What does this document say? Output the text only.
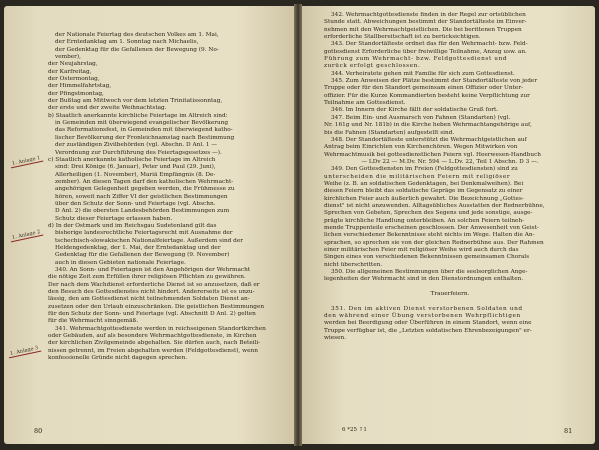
der Nationale Feiertag des deutschen Volkes am 1. Mai,

der Erntedanktag am 1. Sonntag nach Michaelis,

der Gedenktag für die Gefallenen der Bewegung (9. No-

vember),

der Neujahrstag,

der Karfreitag,

der Ostermontag,

der Himmelfahrtstag,

der Pfingstmontag,

der Bußtag am Mittwoch vor dem letzten Trinitatissonntag,

der erste und der zweite Weihnachtstag.

b) Staatlich anerkannte kirchliche Feiertage im Altreich sind:

in Gemeinden mit überwiegend evangelischer Bevölkerung

das Reformationsfest, in Gemeinden mit überwiegend katho-

lischer Bevölkerung der Fronleichnamstag nach Bestimmung

der zuständigen Zivilbehörden (vgl. Abschn. D Anl. 1 —

Verordnung zur Durchführung des Feiertagsgesetzes —).

c) Staatlich anerkannte katholische Feiertage im Altreich

sind: Drei Könige (6. Januar), Peter und Paul (29. Juni),

Allerheiligen (1. November), Mariä Empfängnis (8. De-

zember). An diesen Tagen darf den katholischen Wehrmacht-

angehörigen Gelegenheit gegeben werden, die Frühmesse zu

hören, soweit nach Ziffer VI der geistlichen Bestimmungen

über den Schutz der Sonn- und Feiertage (vgl. Abschn.

D Anl. 2) die obersten Landesbehörden Bestimmungen zum

Schutz dieser Feiertage erlassen haben.

d) In der Ostmark und im Reichsgau Sudetenland gilt das

bisherige landesrechtliche Feiertagsrecht mit Ausnahme der

tschechisch-slowakischen Nationalfeiertage. Außerdem sind der

Heldengedenktag, der 1. Mai, der Erntedanktag und der

Gedenktag für die Gefallenen der Bewegung (9. November)

auch in diesen Gebieten nationale Feiertage.

340. An Sonn- und Feiertagen ist den Angehörigen der Wehrmacht

die nötige Zeit zum Erfüllen ihrer religiösen Pflichten zu gewähren.

Der nach dem Wachdienst erforderliche Dienst ist so anzusetzen, daß er

den Besuch des Gottesdienstes nicht hindert. Andererseits ist es unzu-

lässig, den am Gottesdienst nicht teilnehmenden Soldaten Dienst an-

zusetzen oder den Urlaub einzuschränken. Die geistlichen Bestimmungen

für den Schutz der Sonn- und Feiertage (vgl. Abschnitt D Anl. 2) gelten

für die Wehrmacht sinngemäß.

341. Wehrmachtgottesdienste werden in reichseigenen Standortkirchen

oder Gebäuden, auf als besondere Wehrmachtgottesdienste, in Kirchen

der kirchlichen Zivilgemeinde abgehalten. Sie dürfen auch, nach Beteili-

nissen getrennt, im Freien abgehalten werden (Feldgottesdienst), wenn

konfessionelle Gründe nicht dagegen sprechen.

80
1. Anlage 1
1. Anlage 2
1. Anlage 3

342. Wehrmachtgottesdienste finden in der Regel zur ortsüblichen

Stunde statt. Abweichungen bestimmt der Standortälteste im Einver-

nehmen mit den Wehrmachtgeistlichen. Die bei berittenen Truppen

erforderliche Stallbereitschaft ist zu berücksichtigen.

343. Der Standortälteste ordnet das für den Wehrmacht- bzw. Feld-

gottesdienst Erforderliche über freiwillige Teilnahme, Anzug usw. an.

Führung zum Wehrmacht- bzw. Feldgottesdienst und

zurück erfolgt geschlossen.

344. Verheiratete gehen mit Familie für sich zum Gottesdienst.

345. Zum Anweisen der Plätze bestimmt der Standortälteste von jeder

Truppe oder für den Standort gemeinsam einen Offizier oder Unter-

offizier. Für die Kurze Kommandierten besteht keine Verpflichtung zur

Teilnahme am Gottesdienst.

346. Im Innern der Kirche fällt der soldatische Gruß fort.

347. Beim Ein- und Ausmarsch von Fahnen (Standarten) (vgl.

Nr. 161g und Nr. 181b) in die Kirche heben Wehrmachtangehörige auf,

bis die Fahnen (Standarten) aufgestellt sind.

348. Der Standortälteste unterstützt die Wehrmachtgeistlichen auf

Antrag beim Einrichten von Kirchenchören. Wegen Mitwirken von

Wehrmachtmusik bei gottesdienstlichen Feiern vgl. Heerwesen-Handbuch

— LDv 22 — M.Dv. Nr. 594 — L.Dv. 22, Teil 1 Abschn. D 3 —.

349. Den Gottesdiensten im Freien (Feldgottesdiensten) sind zu

unterscheiden die militärischen Feiern mit religiöser

Weihe (z. B. an soldatischen Gedenktagen, bei Denkmalweihen). Bei

diesen Feiern bleibt das soldatische Gepräge im Gegensatz zu einer

kirchlichen Feier auch äußerlich gewahrt. Die Bezeichnung „Gottes-

dienst" ist nicht anzuwenden. Alltagsübliches Ausstatten der Rednerbühne,

Sprechen von Gebeten, Sprechen des Segens und jede sonstige, ausge-

prägte kirchliche Handlung unterbleiben. An solchen Feiern teilneh-

mende Truppenteile erscheinen geschlossen. Der Anwesenheit von Geist-

lichen verschiedener Bekenntnisse steht nichts im Wege. Halten die An-

sprachen, so sprechen sie von der gleichen Rednerbühne aus. Der Rahmen

einer militärischen Feier mit religiöser Weihe wird auch durch das

Singen eines von verschiedenen Bekenntnissen gemeinsamen Chorals

nicht überschritten.

350. Die allgemeinen Bestimmungen über die seelsorglichen Ange-

legenheiten der Wehrmacht sind in den Dienstordnungen enthalten.

Trauerfeiern.

351. Den im aktiven Dienst verstorbenen Soldaten und

den während einer Übung verstorbenen Wehrpflichtigen

werden bei Beerdigung oder Überführen in einem Standort, wenn eine

Truppe verfügbar ist, die „Letzten soldatischen Ehrenbezeigungen" er-

wiesen.

6 *25 ↑1	81
